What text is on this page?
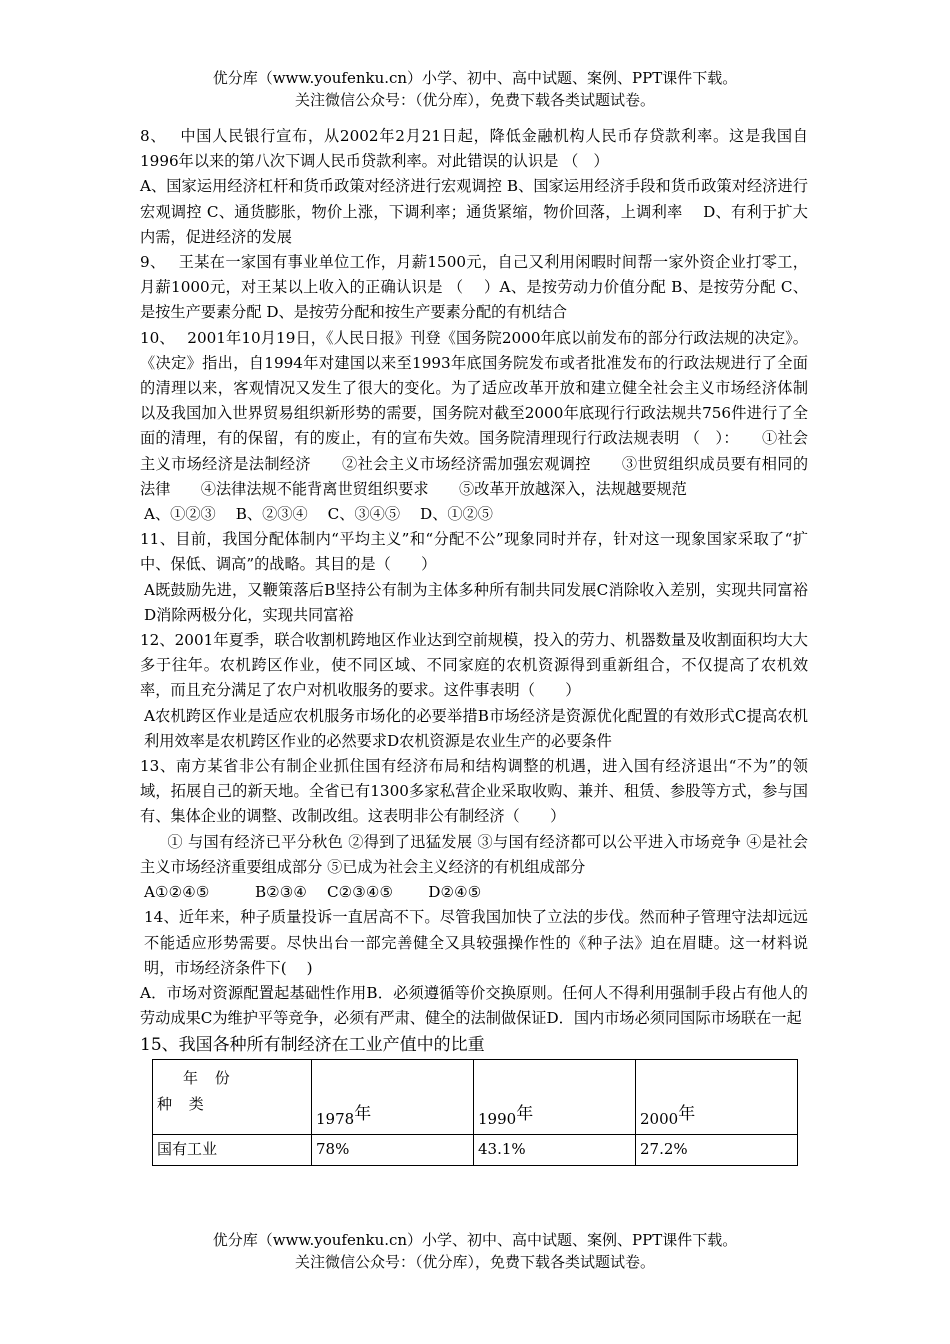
优分库（www.youfenku.cn）小学、初中、高中试题、案例、PPT课件下载。
关注微信公众号：（优分库），免费下载各类试题试卷。

8、　 中国人民银行宣布，从2002年2月21日起，降低金融机构人民币存贷款利率。这是我国自1996年以来的第八次下调人民币贷款利率。对此错误的认识是 （　）

A、国家运用经济杠杆和货币政策对经济进行宏观调控 B、国家运用经济手段和货币政策对经济进行宏观调控 C、通货膨胀，物价上涨，下调利率；通货紧缩，物价回落，上调利率　 D、有利于扩大内需，促进经济的发展

9、　 王某在一家国有事业单位工作，月薪1500元，自己又利用闲暇时间帮一家外资企业打零工，月薪1000元，对王某以上收入的正确认识是 （　 ）A、是按劳动力价值分配 B、是按劳分配 C、是按生产要素分配 D、是按劳分配和按生产要素分配的有机结合

10、　 2001年10月19日，《人民日报》刊登《国务院2000年底以前发布的部分行政法规的决定》。《决定》指出，自1994年对建国以来至1993年底国务院发布或者批准发布的行政法规进行了全面的清理以来，客观情况又发生了很大的变化。为了适应改革开放和建立健全社会主义市场经济体制以及我国加入世界贸易组织新形势的需要，国务院对截至2000年底现行行政法规共756件进行了全面的清理，有的保留，有的废止，有的宣布失效。国务院清理现行行政法规表明 （　）：　　①社会主义市场经济是法制经济　　②社会主义市场经济需加强宏观调控　　③世贸组织成员要有相同的法律　　④法律法规不能背离世贸组织要求　　⑤改革开放越深入，法规越要规范

A、①②③　 B、②③④　 C、③④⑤　 D、①②⑤

11、目前，我国分配体制内“平均主义”和“分配不公”现象同时并存，针对这一现象国家采取了“扩中、保低、调高”的战略。其目的是（　　）

A既鼓励先进，又鞭策落后B坚持公有制为主体多种所有制共同发展C消除收入差别，实现共同富裕D消除两极分化，实现共同富裕

12、2001年夏季，联合收割机跨地区作业达到空前规模，投入的劳力、机器数量及收割面积均大大多于往年。农机跨区作业，使不同区域、不同家庭的农机资源得到重新组合，不仅提高了农机效率，而且充分满足了农户对机收服务的要求。这件事表明（　　）

A农机跨区作业是适应农机服务市场化的必要举措B市场经济是资源优化配置的有效形式C提高农机利用效率是农机跨区作业的必然要求D农机资源是农业生产的必要条件

13、南方某省非公有制企业抓住国有经济布局和结构调整的机遇，进入国有经济退出“不为”的领域，拓展自己的新天地。全省已有1300多家私营企业采取收购、兼并、租赁、参股等方式，参与国有、集体企业的调整、改制改组。这表明非公有制经济（　　）

① 与国有经济已平分秋色 ②得到了迅猛发展 ③与国有经济都可以公平进入市场竞争 ④是社会主义市场经济重要组成部分 ⑤已成为社会主义经济的有机组成部分

A①②④⑤　　　B②③④　 C②③④⑤　　 D②④⑤

14、近年来，种子质量投诉一直居高不下。尽管我国加快了立法的步伐。然而种子管理守法却远远不能适应形势需要。尽快出台一部完善健全又具较强操作性的《种子法》迫在眉睫。这一材料说明，市场经济条件下(　 )

A．市场对资源配置起基础性作用B．必须遵循等价交换原则。任何人不得利用强制手段占有他人的劳动成果C为维护平等竞争，必须有严肃、健全的法制做保证D．国内市场必须同国际市场联在一起

15、我国各种所有制经济在工业产值中的比重

年 份
种 类	1978年	1990年	2000年
国有工业	78%	43.1%	27.2%
优分库（www.youfenku.cn）小学、初中、高中试题、案例、PPT课件下载。
关注微信公众号：（优分库），免费下载各类试题试卷。
